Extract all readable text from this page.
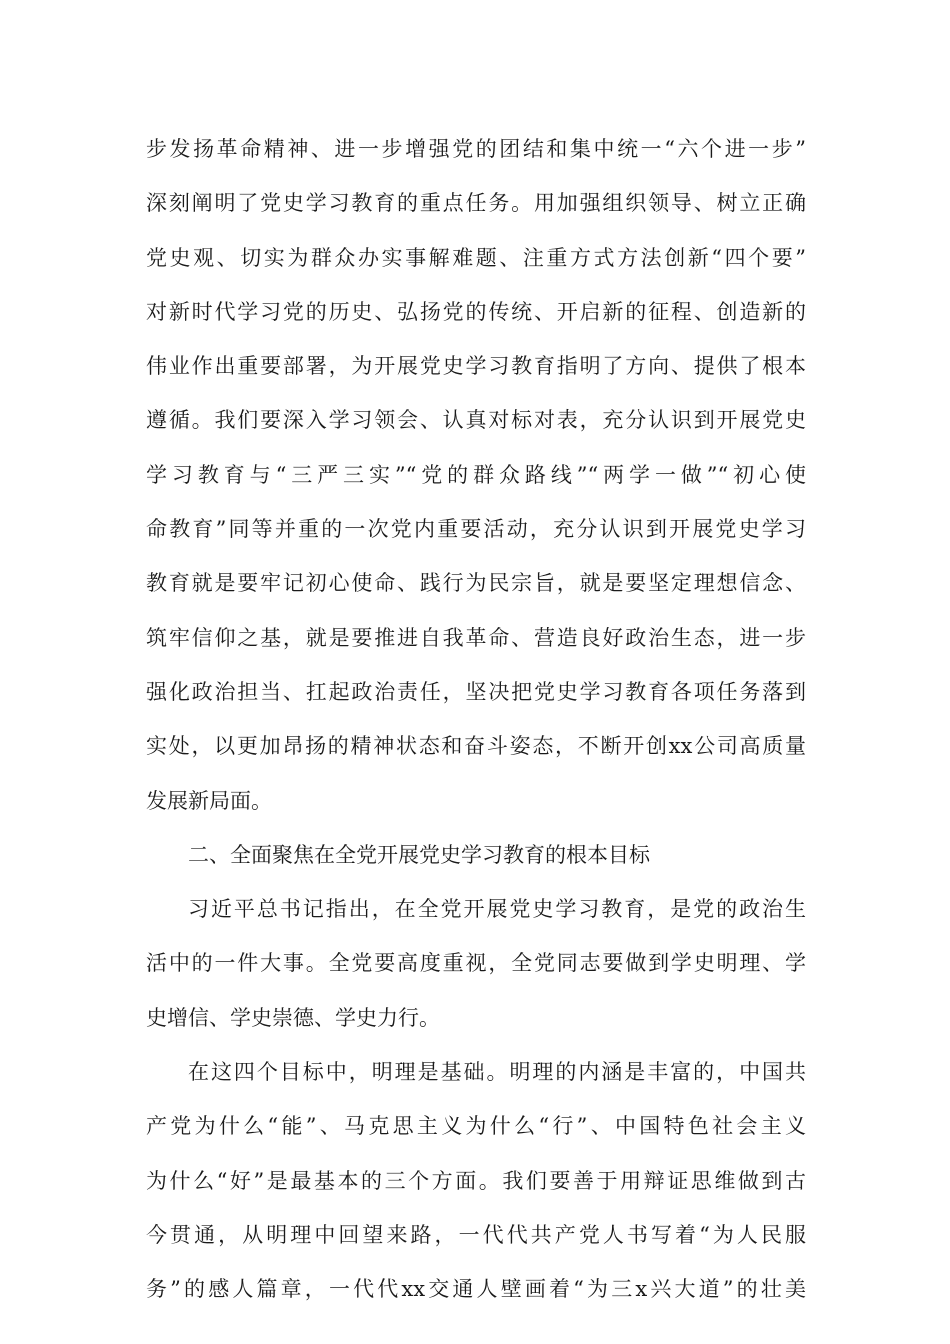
步发扬革命精神、进一步增强党的团结和集中统一“六个进一步”
深刻阐明了党史学习教育的重点任务。用加强组织领导、树立正确
党史观、切实为群众办实事解难题、注重方式方法创新“四个要”
对新时代学习党的历史、弘扬党的传统、开启新的征程、创造新的
伟业作出重要部署，为开展党史学习教育指明了方向、提供了根本
遵循。我们要深入学习领会、认真对标对表，充分认识到开展党史
学习教育与“三严三实”“党的群众路线”“两学一做”“初心使
命教育”同等并重的一次党内重要活动，充分认识到开展党史学习
教育就是要牢记初心使命、践行为民宗旨，就是要坚定理想信念、
筑牢信仰之基，就是要推进自我革命、营造良好政治生态，进一步
强化政治担当、扛起政治责任，坚决把党史学习教育各项任务落到
实处，以更加昂扬的精神状态和奋斗姿态，不断开创xx公司高质量
发展新局面。
二、全面聚焦在全党开展党史学习教育的根本目标
习近平总书记指出，在全党开展党史学习教育，是党的政治生
活中的一件大事。全党要高度重视，全党同志要做到学史明理、学
史增信、学史崇德、学史力行。
在这四个目标中，明理是基础。明理的内涵是丰富的，中国共
产党为什么“能”、马克思主义为什么“行”、中国特色社会主义
为什么“好”是最基本的三个方面。我们要善于用辩证思维做到古
今贯通，从明理中回望来路，一代代共产党人书写着“为人民服
务”的感人篇章，一代代xx交通人壁画着“为三x兴大道”的壮美
